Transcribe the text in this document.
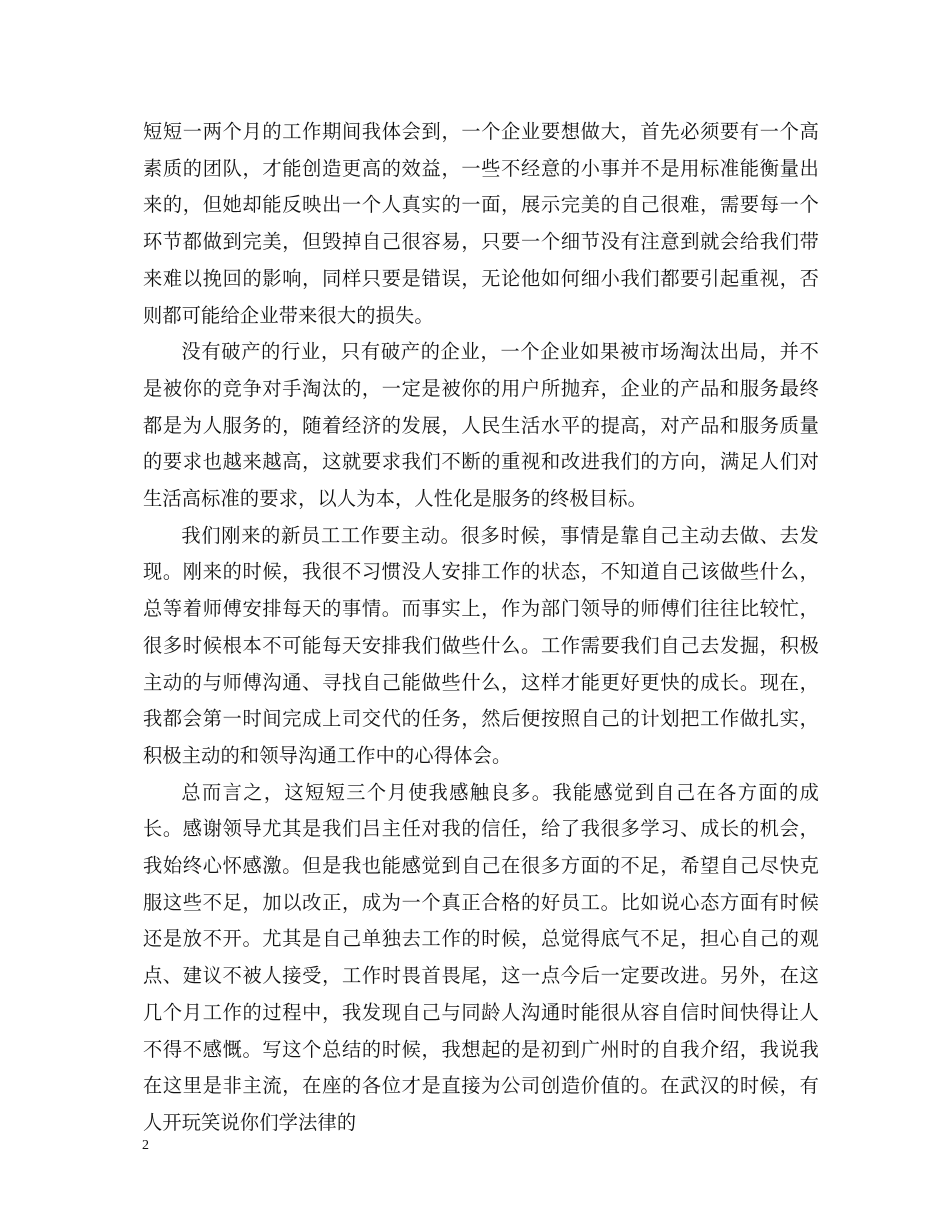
短短一两个月的工作期间我体会到，一个企业要想做大，首先必须要有一个高素质的团队，才能创造更高的效益，一些不经意的小事并不是用标准能衡量出来的，但她却能反映出一个人真实的一面，展示完美的自己很难，需要每一个环节都做到完美，但毁掉自己很容易，只要一个细节没有注意到就会给我们带来难以挽回的影响，同样只要是错误，无论他如何细小我们都要引起重视，否则都可能给企业带来很大的损失。

没有破产的行业，只有破产的企业，一个企业如果被市场淘汰出局，并不是被你的竞争对手淘汰的，一定是被你的用户所抛弃，企业的产品和服务最终都是为人服务的，随着经济的发展，人民生活水平的提高，对产品和服务质量的要求也越来越高，这就要求我们不断的重视和改进我们的方向，满足人们对生活高标准的要求，以人为本，人性化是服务的终极目标。

我们刚来的新员工工作要主动。很多时候，事情是靠自己主动去做、去发现。刚来的时候，我很不习惯没人安排工作的状态，不知道自己该做些什么，总等着师傅安排每天的事情。而事实上，作为部门领导的师傅们往往比较忙，很多时候根本不可能每天安排我们做些什么。工作需要我们自己去发掘，积极主动的与师傅沟通、寻找自己能做些什么，这样才能更好更快的成长。现在，我都会第一时间完成上司交代的任务，然后便按照自己的计划把工作做扎实，积极主动的和领导沟通工作中的心得体会。

总而言之，这短短三个月使我感触良多。我能感觉到自己在各方面的成长。感谢领导尤其是我们吕主任对我的信任，给了我很多学习、成长的机会，我始终心怀感激。但是我也能感觉到自己在很多方面的不足，希望自己尽快克服这些不足，加以改正，成为一个真正合格的好员工。比如说心态方面有时候还是放不开。尤其是自己单独去工作的时候，总觉得底气不足，担心自己的观点、建议不被人接受，工作时畏首畏尾，这一点今后一定要改进。另外，在这几个月工作的过程中，我发现自己与同龄人沟通时能很从容自信时间快得让人不得不感慨。写这个总结的时候，我想起的是初到广州时的自我介绍，我说我在这里是非主流，在座的各位才是直接为公司创造价值的。在武汉的时候，有人开玩笑说你们学法律的

2
